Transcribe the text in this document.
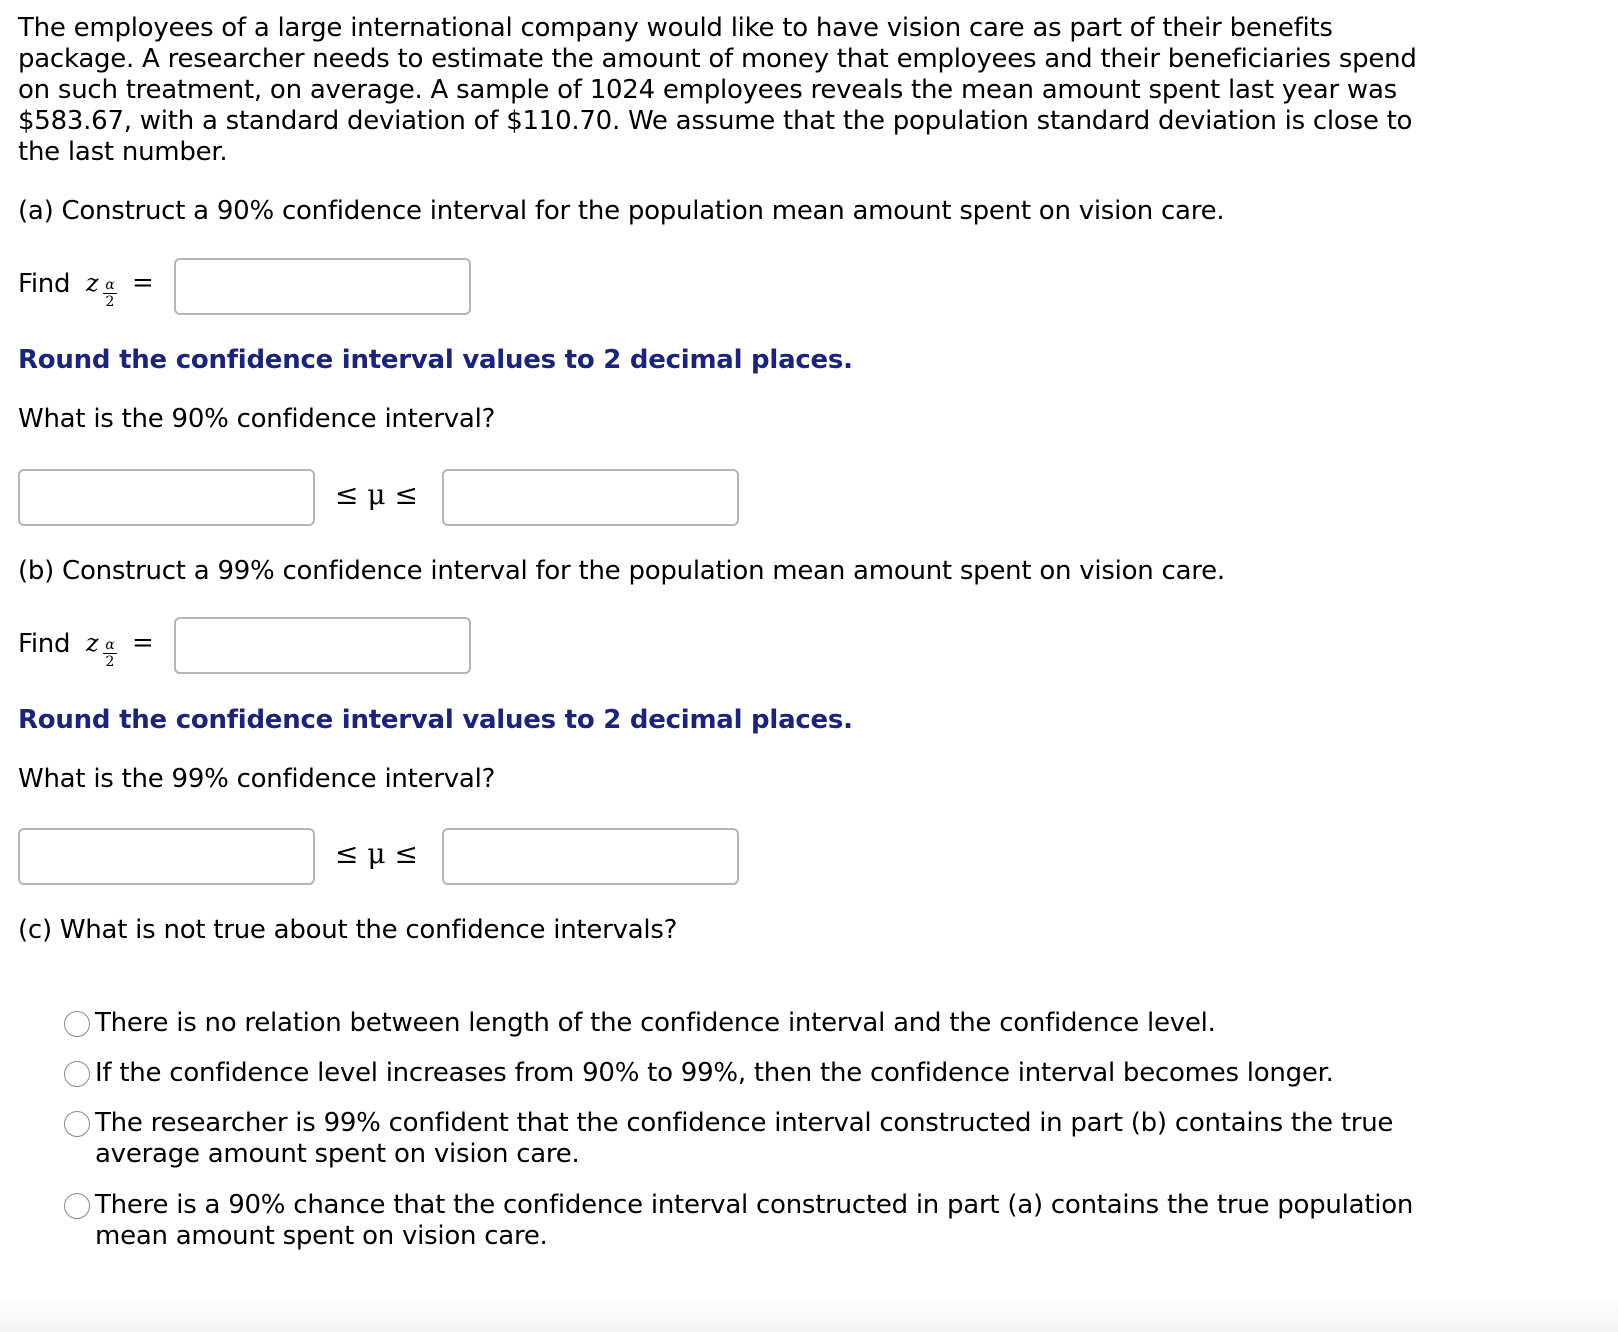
The employees of a large international company would like to have vision care as part of their benefits
package. A researcher needs to estimate the amount of money that employees and their beneficiaries spend
on such treatment, on average. A sample of 1024 employees reveals the mean amount spent last year was
$583.67, with a standard deviation of $110.70. We assume that the population standard deviation is close to
the last number.
(a) Construct a 90% confidence interval for the population mean amount spent on vision care.
Find z α
2
=
Round the confidence interval values to 2 decimal places.
What is the 90% confidence interval?
≤ μ ≤
(b) Construct a 99% confidence interval for the population mean amount spent on vision care.
Find z α
2
=
Round the confidence interval values to 2 decimal places.
What is the 99% confidence interval?
≤ μ ≤
(c) What is not true about the confidence intervals?
There is no relation between length of the confidence interval and the confidence level.
If the confidence level increases from 90% to 99%, then the confidence interval becomes longer.
The researcher is 99% confident that the confidence interval constructed in part (b) contains the true
average amount spent on vision care.
There is a 90% chance that the confidence interval constructed in part (a) contains the true population
mean amount spent on vision care.
